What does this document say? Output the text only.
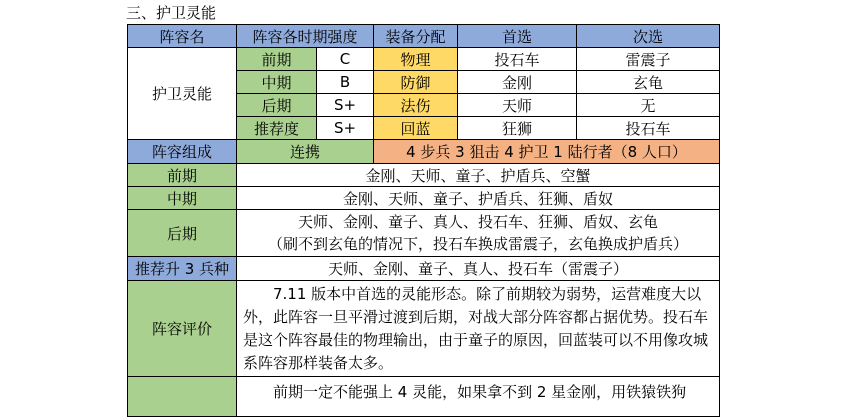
三、护卫灵能
阵容名	阵容各时期强度		装备分配	首选	次选
护卫灵能	前期	C	物理	投石车	雷震子
	中期	B	防御	金刚	玄龟
	后期	S+	法伤	天师	无
	推荐度	S+	回蓝	狂狮	投石车
阵容组成	连携		4 步兵 3 狙击 4 护卫 1 陆行者（8 人口）		
前期	金刚、天师、童子、护盾兵、空蟹				
中期	金刚、天师、童子、护盾兵、狂狮、盾奴				
后期	天师、金刚、童子、真人、投石车、狂狮、盾奴、玄龟
（刷不到玄龟的情况下，投石车换成雷震子，玄龟换成护盾兵）				

推荐升 3 兵种	天师、金刚、童子、真人、投石车（雷震子）				
阵容评价	7.11 版本中首选的灵能形态。除了前期较为弱势，运营难度大以外，此阵容一旦平滑过渡到后期，对战大部分阵容都占据优势。投石车是这个阵容最佳的物理输出，由于童子的原因，回蓝装可以不用像攻城系阵容那样装备太多。				
	前期一定不能强上 4 灵能，如果拿不到 2 星金刚，用铁猿铁狗				
